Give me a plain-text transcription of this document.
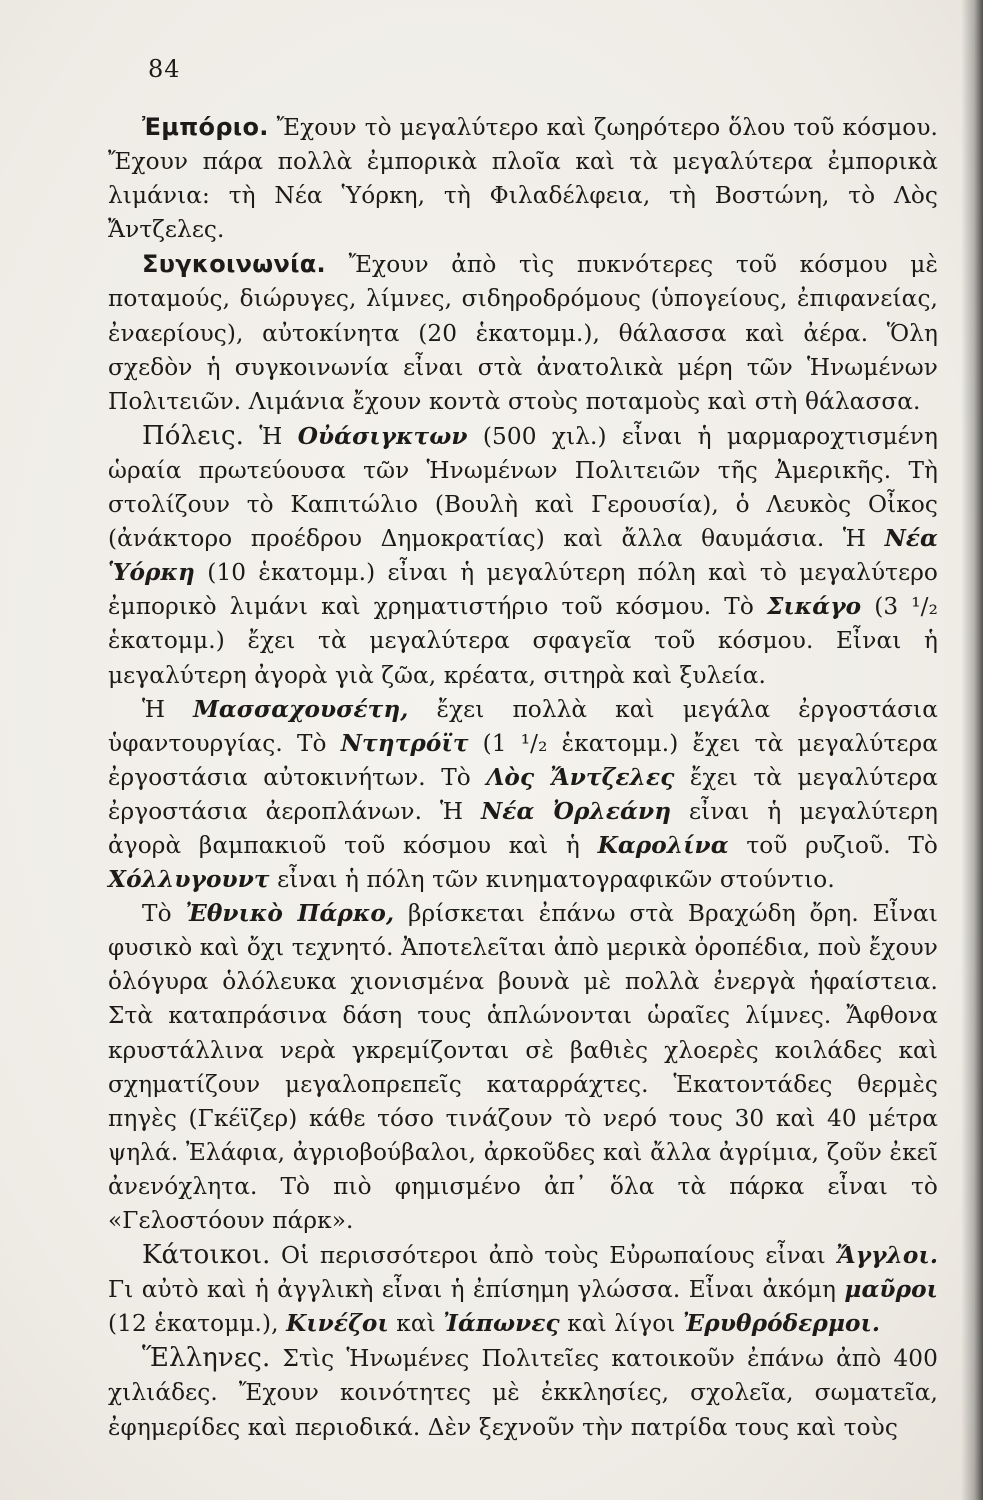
84

Ἐμπόριο. Ἔχουν τὸ μεγαλύτερο καὶ ζωηρότερο ὅλου τοῦ κόσμου. Ἔχουν πάρα πολλὰ ἐμπορικὰ πλοῖα καὶ τὰ μεγαλύτερα ἐμπορικὰ λιμάνια: τὴ Νέα Ὑόρκη, τὴ Φιλαδέλφεια, τὴ Βοστώνη, τὸ Λὸς Ἄντζελες.

Συγκοινωνία. Ἔχουν ἀπὸ τὶς πυκνότερες τοῦ κόσμου μὲ ποταμούς, διώρυγες, λίμνες, σιδηροδρόμους (ὑπογείους, ἐπιφανείας, ἐναερίους), αὐτοκίνητα (20 ἑκατομμ.), θάλασσα καὶ ἀέρα. Ὅλη σχεδὸν ἡ συγκοινωνία εἶναι στὰ ἀνατολικὰ μέρη τῶν Ἡνωμένων Πολιτειῶν. Λιμάνια ἔχουν κοντὰ στοὺς ποταμοὺς καὶ στὴ θάλασσα.

Πόλεις. Ἡ Οὐάσιγκτων (500 χιλ.) εἶναι ἡ μαρμαροχτισμένη ὡραία πρωτεύουσα τῶν Ἡνωμένων Πολιτειῶν τῆς Ἀμερικῆς. Τὴ στολίζουν τὸ Καπιτώλιο (Βουλὴ καὶ Γερουσία), ὁ Λευκὸς Οἶκος (ἀνάκτορο προέδρου Δημοκρατίας) καὶ ἄλλα θαυμάσια. Ἡ Νέα Ὑόρκη (10 ἑκατομμ.) εἶναι ἡ μεγαλύτερη πόλη καὶ τὸ μεγαλύτερο ἐμπορικὸ λιμάνι καὶ χρηματιστήριο τοῦ κόσμου. Τὸ Σικάγο (3 ¹/₂ ἑκατομμ.) ἔχει τὰ μεγαλύτερα σφαγεῖα τοῦ κόσμου. Εἶναι ἡ μεγαλύτερη ἀγορὰ γιὰ ζῶα, κρέατα, σιτηρὰ καὶ ξυλεία.

Ἡ Μασσαχουσέτη, ἔχει πολλὰ καὶ μεγάλα ἐργοστάσια ὑφαντουργίας. Τὸ Ντητρόϊτ (1 ¹/₂ ἑκατομμ.) ἔχει τὰ μεγαλύτερα ἐργοστάσια αὐτοκινήτων. Τὸ Λὸς Ἄντζελες ἔχει τὰ μεγαλύτερα ἐργοστάσια ἀεροπλάνων. Ἡ Νέα Ὀρλεάνη εἶναι ἡ μεγαλύτερη ἀγορὰ βαμπακιοῦ τοῦ κόσμου καὶ ἡ Καρολίνα τοῦ ρυζιοῦ. Τὸ Χόλλυγουντ εἶναι ἡ πόλη τῶν κινηματογραφικῶν στούντιο.

Τὸ Ἐθνικὸ Πάρκο, βρίσκεται ἐπάνω στὰ Βραχώδη ὄρη. Εἶναι φυσικὸ καὶ ὄχι τεχνητό. Ἀποτελεῖται ἀπὸ μερικὰ ὀροπέδια, ποὺ ἔχουν ὁλόγυρα ὁλόλευκα χιονισμένα βουνὰ μὲ πολλὰ ἐνεργὰ ἡφαίστεια. Στὰ καταπράσινα δάση τους ἁπλώνονται ὡραῖες λίμνες. Ἄφθονα κρυστάλλινα νερὰ γκρεμίζονται σὲ βαθιὲς χλοερὲς κοιλάδες καὶ σχηματίζουν μεγαλοπρεπεῖς καταρράχτες. Ἑκατοντάδες θερμὲς πηγὲς (Γκέϊζερ) κάθε τόσο τινάζουν τὸ νερό τους 30 καὶ 40 μέτρα ψηλά. Ἐλάφια, ἀγριοβούβαλοι, ἀρκοῦδες καὶ ἄλλα ἀγρίμια, ζοῦν ἐκεῖ ἀνενόχλητα. Τὸ πιὸ φημισμένο ἀπ᾽ ὅλα τὰ πάρκα εἶναι τὸ «Γελοστόουν πάρκ».

Κάτοικοι. Οἱ περισσότεροι ἀπὸ τοὺς Εὐρωπαίους εἶναι Ἄγγλοι. Γι αὐτὸ καὶ ἡ ἀγγλικὴ εἶναι ἡ ἐπίσημη γλώσσα. Εἶναι ἀκόμη μαῦροι (12 ἑκατομμ.), Κινέζοι καὶ Ἰάπωνες καὶ λίγοι Ἐρυθρόδερμοι.

Ἕλληνες. Στὶς Ἡνωμένες Πολιτεῖες κατοικοῦν ἐπάνω ἀπὸ 400 χιλιάδες. Ἔχουν κοινότητες μὲ ἐκκλησίες, σχολεῖα, σωματεῖα, ἐφημερίδες καὶ περιοδικά. Δὲν ξεχνοῦν τὴν πατρίδα τους καὶ τοὺς
